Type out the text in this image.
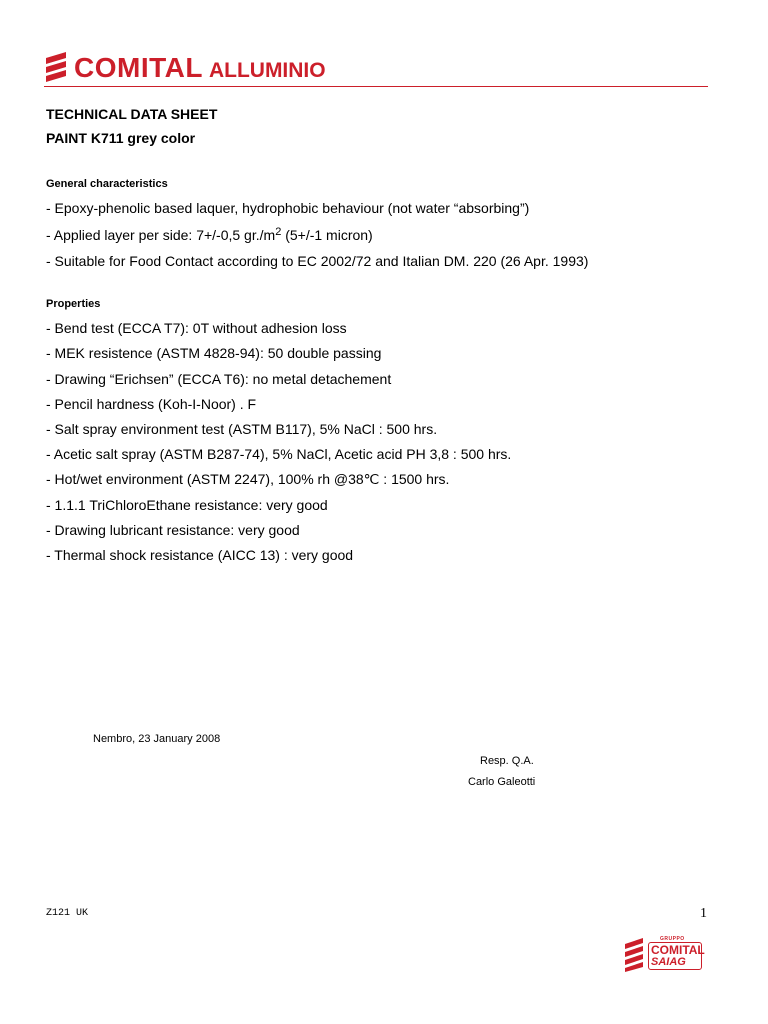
COMITAL ALLUMINIO
TECHNICAL DATA SHEET
PAINT K711 grey color
General characteristics
- Epoxy-phenolic based laquer, hydrophobic behaviour (not water “absorbing”)
- Applied layer per side: 7+/-0,5 $gr./m^2$ (5+/-1 micron)
- Suitable for Food Contact according to EC 2002/72 and Italian DM. 220 (26 Apr. 1993)
Properties
- Bend test (ECCA T7): 0T without adhesion loss
- MEK resistence (ASTM 4828-94): 50 double passing
- Drawing “Erichsen” (ECCA T6): no metal detachement
- Pencil hardness (Koh-I-Noor) . F
- Salt spray environment test (ASTM B117), 5% NaCl : 500 hrs.
- Acetic salt spray (ASTM B287-74), 5% NaCl, Acetic acid PH 3,8 : 500 hrs.
- Hot/wet environment (ASTM 2247), 100% rh @38℃ : 1500 hrs.
- 1.1.1 TriChloroEthane resistance: very good
- Drawing lubricant resistance: very good
- Thermal shock resistance (AICC 13) : very good
Nembro, 23 January 2008
Resp. Q.A.
Carlo Galeotti
Z121 UK	1
GRUPPO
COMITAL
SAIAG
